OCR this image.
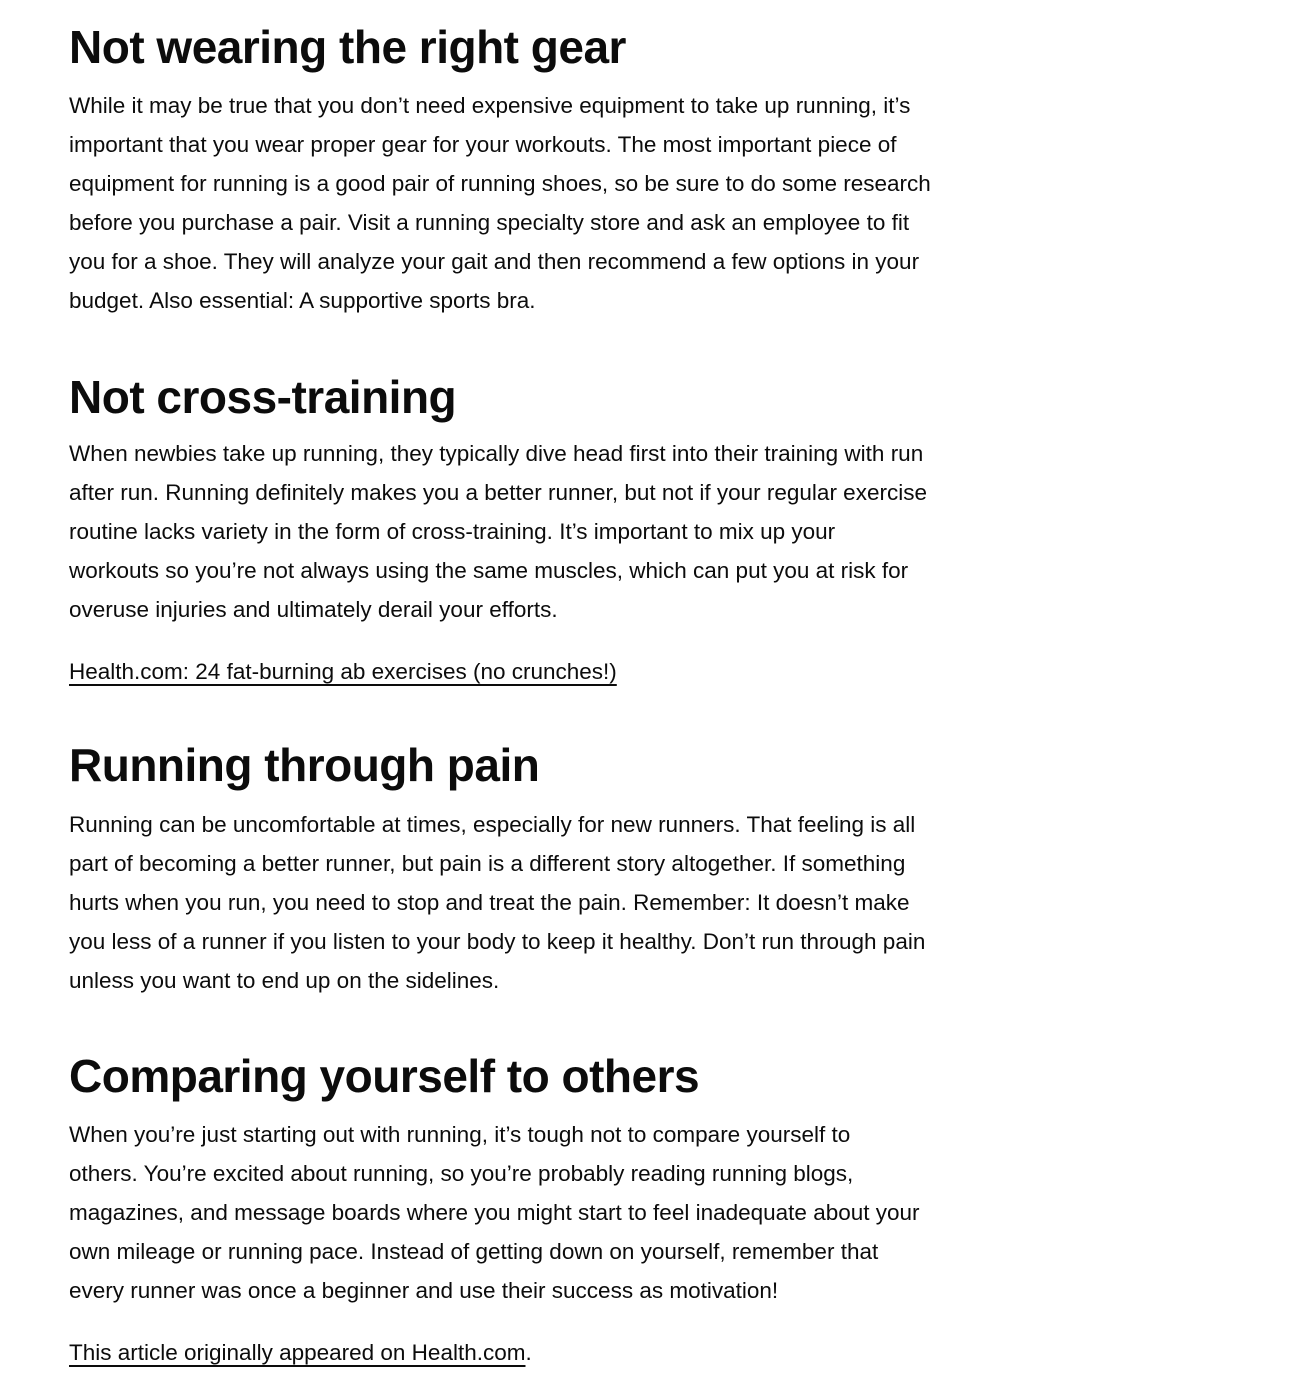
Not wearing the right gear

While it may be true that you don’t need expensive equipment to take up running, it’s
important that you wear proper gear for your workouts. The most important piece of
equipment for running is a good pair of running shoes, so be sure to do some research
before you purchase a pair. Visit a running specialty store and ask an employee to fit
you for a shoe. They will analyze your gait and then recommend a few options in your
budget. Also essential: A supportive sports bra.

Not cross-training

When newbies take up running, they typically dive head first into their training with run
after run. Running definitely makes you a better runner, but not if your regular exercise
routine lacks variety in the form of cross-training. It’s important to mix up your
workouts so you’re not always using the same muscles, which can put you at risk for
overuse injuries and ultimately derail your efforts.

Health.com: 24 fat-burning ab exercises (no crunches!)

Running through pain

Running can be uncomfortable at times, especially for new runners. That feeling is all
part of becoming a better runner, but pain is a different story altogether. If something
hurts when you run, you need to stop and treat the pain. Remember: It doesn’t make
you less of a runner if you listen to your body to keep it healthy. Don’t run through pain
unless you want to end up on the sidelines.

Comparing yourself to others

When you’re just starting out with running, it’s tough not to compare yourself to
others. You’re excited about running, so you’re probably reading running blogs,
magazines, and message boards where you might start to feel inadequate about your
own mileage or running pace. Instead of getting down on yourself, remember that
every runner was once a beginner and use their success as motivation!

This article originally appeared on Health.com.
